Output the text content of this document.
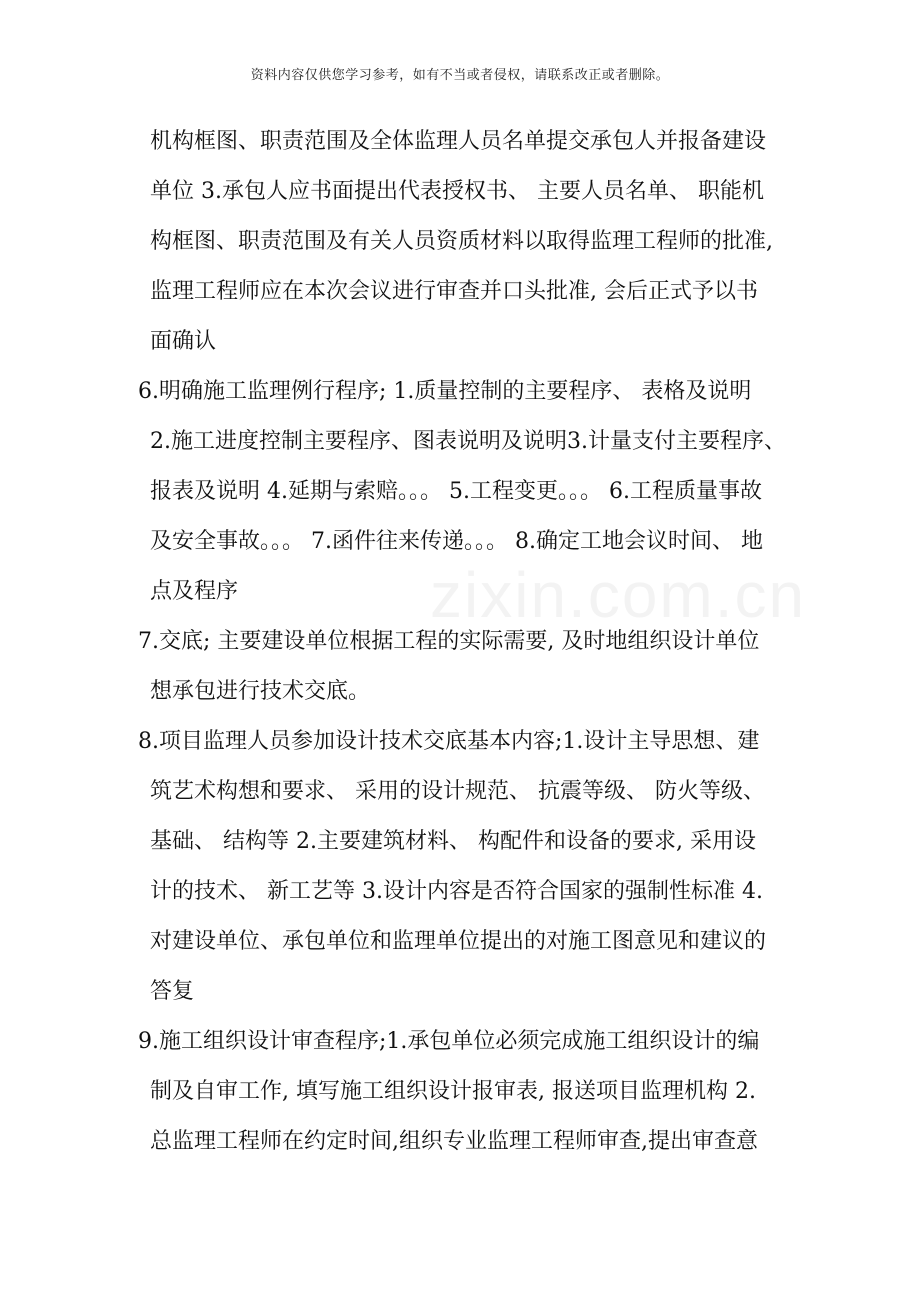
资料内容仅供您学习参考，如有不当或者侵权，请联系改正或者删除。
zixin.com.cn
机构框图、职责范围及全体监理人员名单提交承包人并报备建设
单位 3.承包人应书面提出代表授权书、 主要人员名单、 职能机
构框图、职责范围及有关人员资质材料以取得监理工程师的批准,
监理工程师应在本次会议进行审查并口头批准, 会后正式予以书
面确认
6.明确施工监理例行程序; 1.质量控制的主要程序、 表格及说明
2.施工进度控制主要程序、图表说明及说明3.计量支付主要程序、
报表及说明 4.延期与索赔。。。 5.工程变更。。。 6.工程质量事故
及安全事故。。。 7.函件往来传递。。。 8.确定工地会议时间、 地
点及程序
7.交底; 主要建设单位根据工程的实际需要, 及时地组织设计单位
想承包进行技术交底。
8.项目监理人员参加设计技术交底基本内容;1.设计主导思想、建
筑艺术构想和要求、 采用的设计规范、 抗震等级、 防火等级、
基础、 结构等 2.主要建筑材料、 构配件和设备的要求, 采用设
计的技术、 新工艺等 3.设计内容是否符合国家的强制性标准 4.
对建设单位、承包单位和监理单位提出的对施工图意见和建议的
答复
9.施工组织设计审查程序;1.承包单位必须完成施工组织设计的编
制及自审工作, 填写施工组织设计报审表, 报送项目监理机构 2.
总监理工程师在约定时间,组织专业监理工程师审查,提出审查意
